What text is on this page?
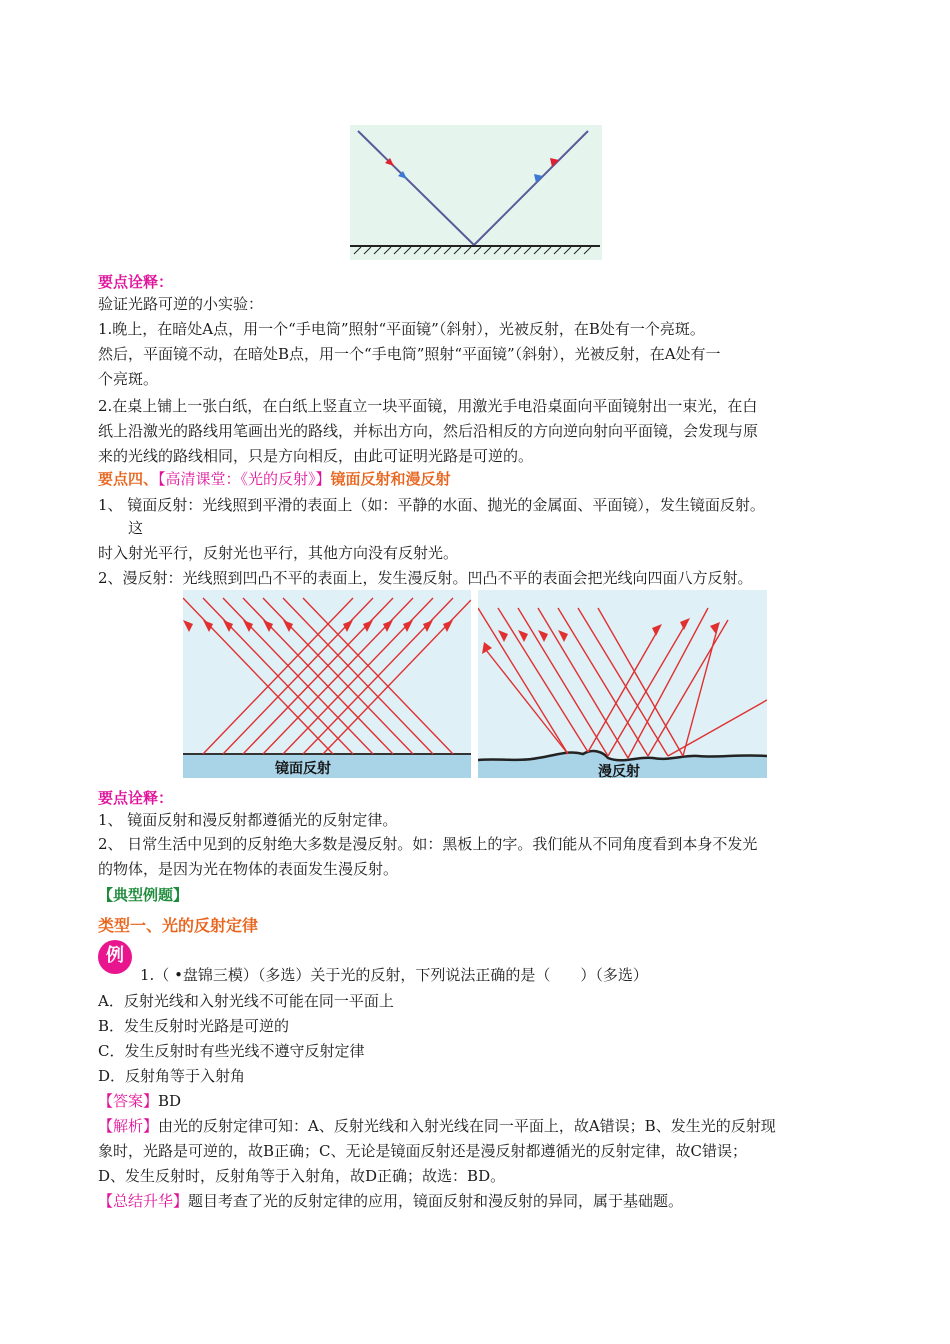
要点诠释：
验证光路可逆的小实验：
1.晚上，在暗处A点，用一个“手电筒”照射“平面镜”（斜射），光被反射，在B处有一个亮斑。
然后，平面镜不动，在暗处B点，用一个“手电筒”照射“平面镜”（斜射），光被反射，在A处有一
个亮斑。
2.在桌上铺上一张白纸，在白纸上竖直立一块平面镜，用激光手电沿桌面向平面镜射出一束光，在白
纸上沿激光的路线用笔画出光的路线，并标出方向，然后沿相反的方向逆向射向平面镜，会发现与原
来的光线的路线相同，只是方向相反，由此可证明光路是可逆的。
要点四、【高清课堂：《光的反射》】镜面反射和漫反射
1、 镜面反射：光线照到平滑的表面上（如：平静的水面、抛光的金属面、平面镜），发生镜面反射。
这
时入射光平行，反射光也平行，其他方向没有反射光。
2、漫反射：光线照到凹凸不平的表面上，发生漫反射。凹凸不平的表面会把光线向四面八方反射。
镜面反射	漫反射
要点诠释：
1、 镜面反射和漫反射都遵循光的反射定律。
2、 日常生活中见到的反射绝大多数是漫反射。如：黑板上的字。我们能从不同角度看到本身不发光
的物体，是因为光在物体的表面发生漫反射。
【典型例题】
类型一、光的反射定律
例
1.（ •盘锦三模）（多选）关于光的反射，下列说法正确的是（　　）（多选）
A．反射光线和入射光线不可能在同一平面上
B．发生反射时光路是可逆的
C．发生反射时有些光线不遵守反射定律
D．反射角等于入射角
【答案】BD
【解析】由光的反射定律可知：A、反射光线和入射光线在同一平面上，故A错误；B、发生光的反射现
象时，光路是可逆的，故B正确；C、无论是镜面反射还是漫反射都遵循光的反射定律，故C错误；
D、发生反射时，反射角等于入射角，故D正确；故选：BD。
【总结升华】题目考查了光的反射定律的应用，镜面反射和漫反射的异同，属于基础题。
